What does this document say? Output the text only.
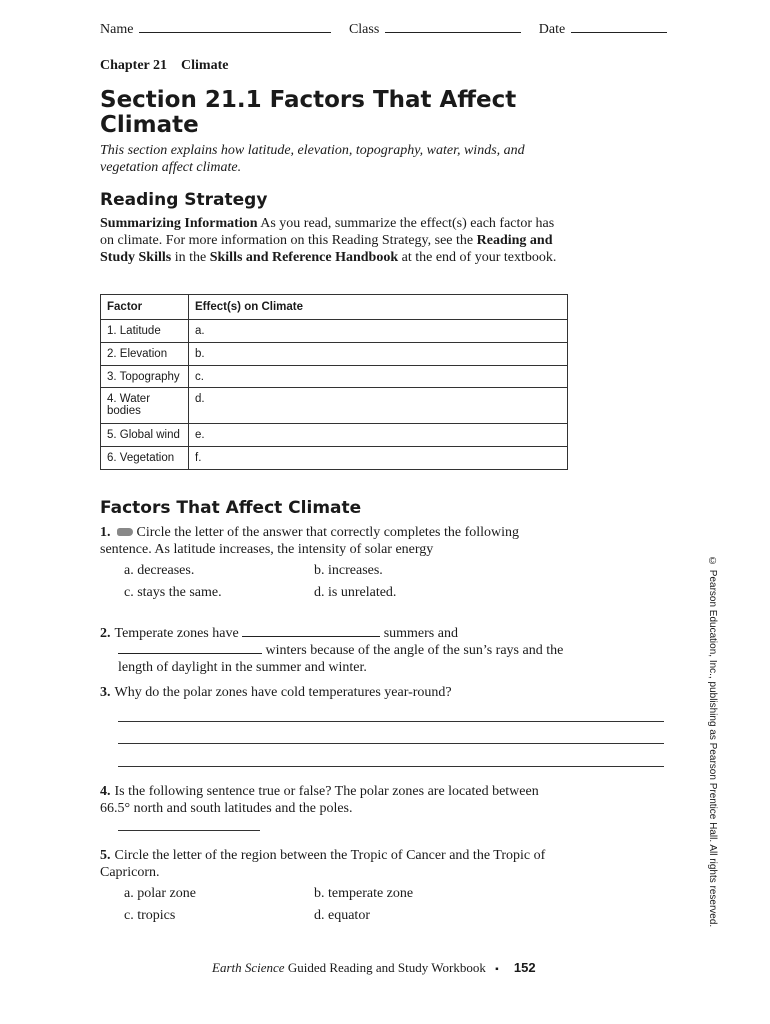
Name	Class	Date
Chapter 21 Climate
Section 21.1 Factors That Affect Climate
This section explains how latitude, elevation, topography, water, winds, and vegetation affect climate.
Reading Strategy
Summarizing Information As you read, summarize the effect(s) each factor has on climate. For more information on this Reading Strategy, see the Reading and Study Skills in the Skills and Reference Handbook at the end of your textbook.
Factor	Effect(s) on Climate
1. Latitude	a.
2. Elevation	b.
3. Topography	c.
4. Water bodies	d.
5. Global wind	e.
6. Vegetation	f.
Factors That Affect Climate
1. Circle the letter of the answer that correctly completes the following sentence. As latitude increases, the intensity of solar energy
a. decreases.	b. increases.
c. stays the same.	d. is unrelated.
2. Temperate zones have	summers and

winters because of the angle of the sun’s rays and the length of daylight in the summer and winter.
3. Why do the polar zones have cold temperatures year-round?
4. Is the following sentence true or false? The polar zones are located between 66.5° north and south latitudes and the poles.
5. Circle the letter of the region between the Tropic of Cancer and the Tropic of Capricorn.
a. polar zone	b. temperate zone
c. tropics	d. equator	© Pearson Education, Inc., publishing as Pearson Prentice Hall. All rights reserved.
Earth Science Guided Reading and Study Workbook ▪ 152
